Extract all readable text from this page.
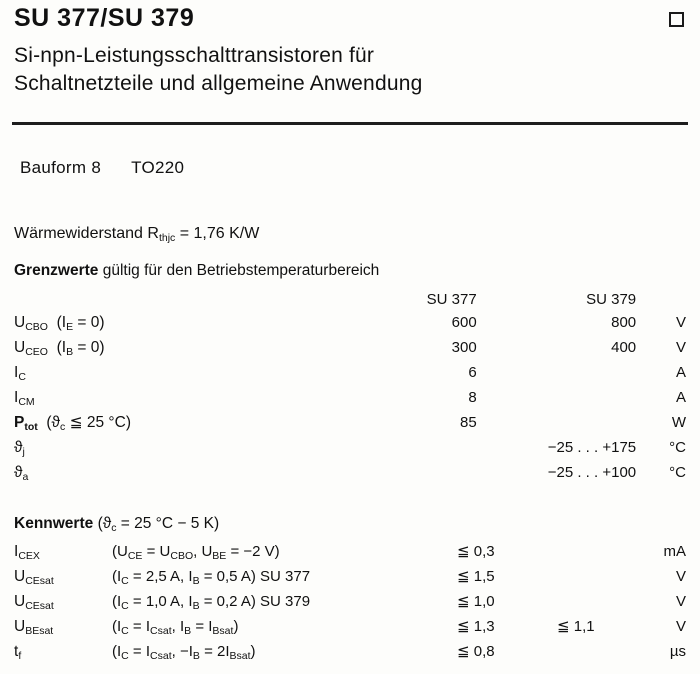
SU 377/SU 379
Si-npn-Leistungsschalttransistoren für
Schaltnetzteile und allgemeine Anwendung
Bauform 8 TO220
Wärmewiderstand $R_{thjc} = 1,76$ K/W
Grenzwerte gültig für den Betriebstemperaturbereich
	SU 377	SU 379	
$U_{CBO}$  $(I_E = 0)$	600	800	V
$U_{CEO}$  $(I_B = 0)$	300	400	V
$I_C$	6		A
$I_{CM}$	8		A
$P_{tot}$  ($ϑ_c$ ≦ 25 °C)	85		W
$ϑ_j$		−25 . . . +175	°C
$ϑ_a$		−25 . . . +100	°C
Kennwerte ($ϑ_c = 25$ °C − 5 K)
$I_{CEX}$	($U_{CE} = U_{CBO}$, $U_{BE} = -2$ V)	≦ 0,3		mA
$U_{CEsat}$	($I_C = 2,5$ A, $I_B = 0,5$ A) SU 377	≦ 1,5		V
$U_{CEsat}$	($I_C = 1,0$ A, $I_B = 0,2$ A) SU 379	≦ 1,0		V
$U_{BEsat}$	($I_C = I_{Csat}$, $I_B = I_{Bsat}$)	≦ 1,3	≦ 1,1	V
$t_f$	($I_C = I_{Csat}$, $-I_B = 2I_{Bsat}$)	≦ 0,8		µs
